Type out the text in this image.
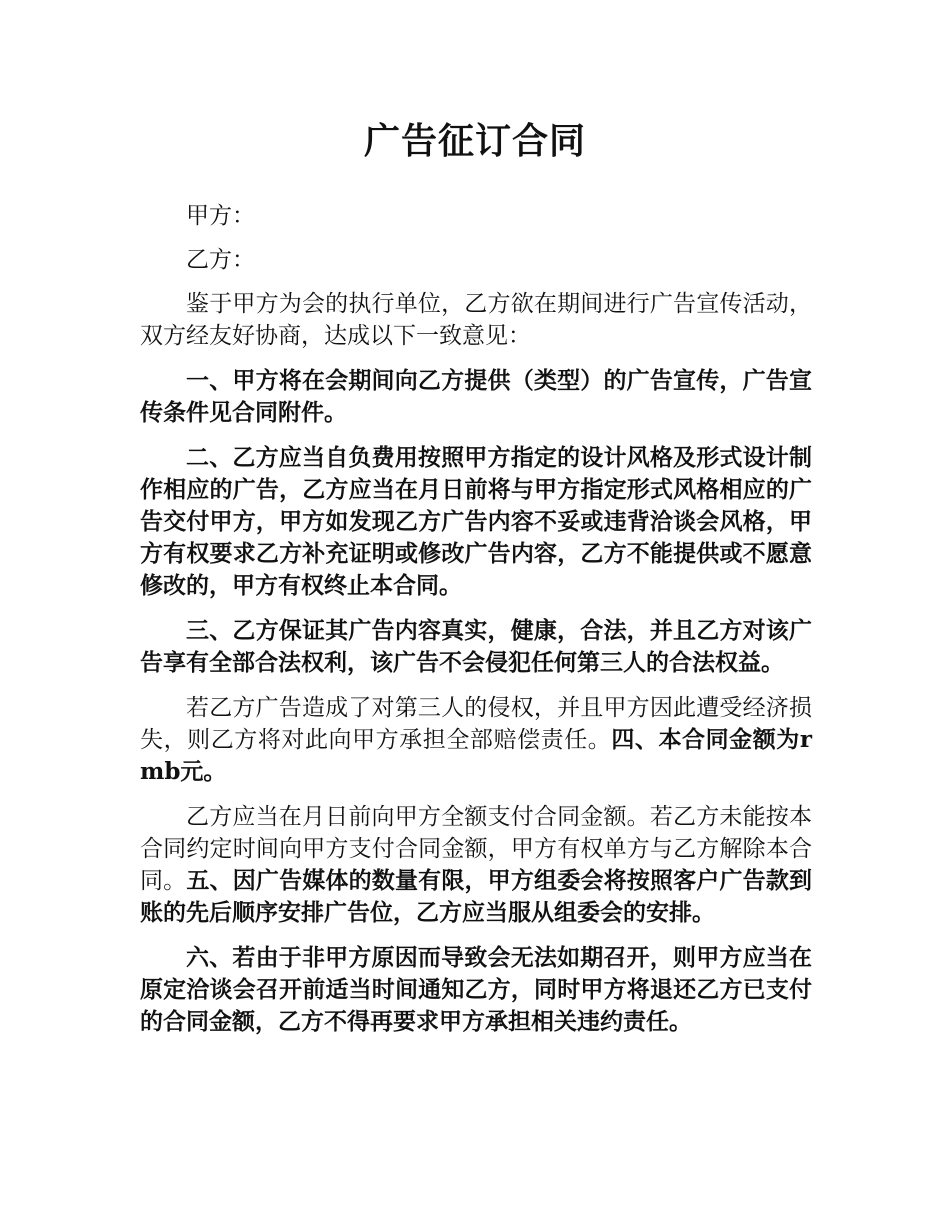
广告征订合同

甲方：

乙方：

鉴于甲方为会的执行单位，乙方欲在期间进行广告宣传活动，双方经友好协商，达成以下一致意见：

一、甲方将在会期间向乙方提供（类型）的广告宣传，广告宣传条件见合同附件。

二、乙方应当自负费用按照甲方指定的设计风格及形式设计制作相应的广告，乙方应当在月日前将与甲方指定形式风格相应的广告交付甲方，甲方如发现乙方广告内容不妥或违背洽谈会风格，甲方有权要求乙方补充证明或修改广告内容，乙方不能提供或不愿意修改的，甲方有权终止本合同。

三、乙方保证其广告内容真实，健康，合法，并且乙方对该广告享有全部合法权利，该广告不会侵犯任何第三人的合法权益。

若乙方广告造成了对第三人的侵权，并且甲方因此遭受经济损失，则乙方将对此向甲方承担全部赔偿责任。四、本合同金额为rmb元。

乙方应当在月日前向甲方全额支付合同金额。若乙方未能按本合同约定时间向甲方支付合同金额，甲方有权单方与乙方解除本合同。五、因广告媒体的数量有限，甲方组委会将按照客户广告款到账的先后顺序安排广告位，乙方应当服从组委会的安排。

六、若由于非甲方原因而导致会无法如期召开，则甲方应当在原定洽谈会召开前适当时间通知乙方，同时甲方将退还乙方已支付的合同金额，乙方不得再要求甲方承担相关违约责任。
